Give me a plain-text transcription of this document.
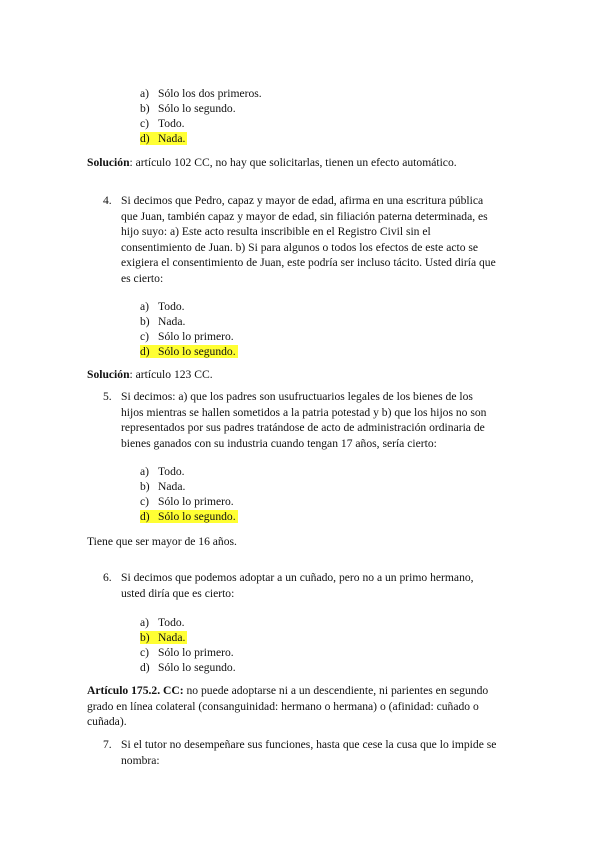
a) Sólo los dos primeros.
b) Sólo lo segundo.
c) Todo.
d) Nada.

Solución: artículo 102 CC, no hay que solicitarlas, tienen un efecto automático.

4. Si decimos que Pedro, capaz y mayor de edad, afirma en una escritura pública
que Juan, también capaz y mayor de edad, sin filiación paterna determinada, es
hijo suyo: a) Este acto resulta inscribible en el Registro Civil sin el
consentimiento de Juan. b) Si para algunos o todos los efectos de este acto se
exigiera el consentimiento de Juan, este podría ser incluso tácito. Usted diría que
es cierto:
a) Todo.
b) Nada.
c) Sólo lo primero.
d) Sólo lo segundo.

Solución: artículo 123 CC.

5. Si decimos: a) que los padres son usufructuarios legales de los bienes de los
hijos mientras se hallen sometidos a la patria potestad y b) que los hijos no son
representados por sus padres tratándose de acto de administración ordinaria de
bienes ganados con su industria cuando tengan 17 años, sería cierto:
a) Todo.
b) Nada.
c) Sólo lo primero.
d) Sólo lo segundo.

Tiene que ser mayor de 16 años.

6. Si decimos que podemos adoptar a un cuñado, pero no a un primo hermano,
usted diría que es cierto:
a) Todo.
b) Nada.
c) Sólo lo primero.
d) Sólo lo segundo.

Artículo 175.2. CC: no puede adoptarse ni a un descendiente, ni parientes en segundo grado en línea colateral (consanguinidad: hermano o hermana) o (afinidad: cuñado o cuñada).

7. Si el tutor no desempeñare sus funciones, hasta que cese la cusa que lo impide se
nombra:
